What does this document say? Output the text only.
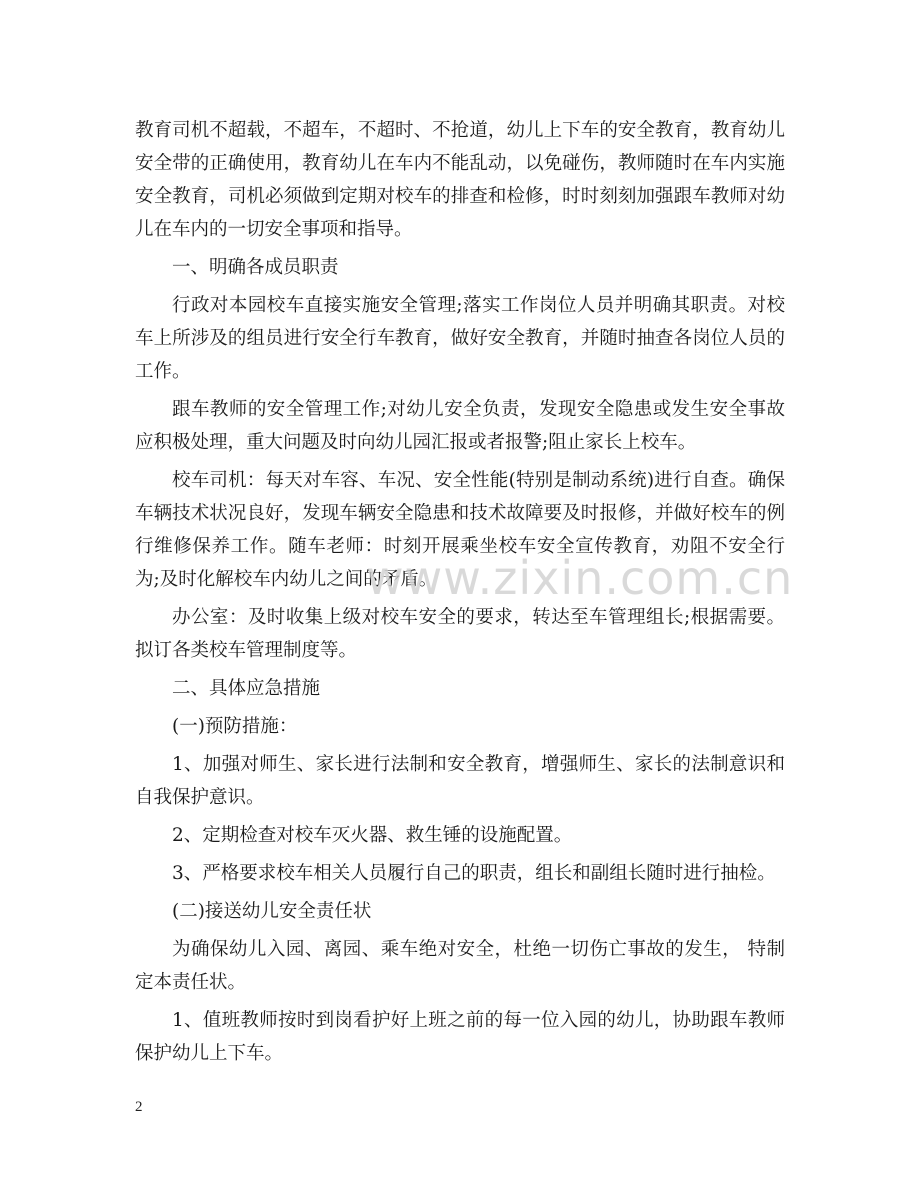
教育司机不超载，不超车，不超时、不抢道，幼儿上下车的安全教育，教育幼儿安全带的正确使用，教育幼儿在车内不能乱动，以免碰伤，教师随时在车内实施安全教育，司机必须做到定期对校车的排查和检修，时时刻刻加强跟车教师对幼儿在车内的一切安全事项和指导。

一、明确各成员职责

行政对本园校车直接实施安全管理;落实工作岗位人员并明确其职责。对校车上所涉及的组员进行安全行车教育，做好安全教育，并随时抽查各岗位人员的工作。

跟车教师的安全管理工作;对幼儿安全负责，发现安全隐患或发生安全事故应积极处理，重大问题及时向幼儿园汇报或者报警;阻止家长上校车。

校车司机：每天对车容、车况、安全性能(特别是制动系统)进行自查。确保车辆技术状况良好，发现车辆安全隐患和技术故障要及时报修，并做好校车的例行维修保养工作。随车老师：时刻开展乘坐校车安全宣传教育，劝阻不安全行为;及时化解校车内幼儿之间的矛盾。

办公室：及时收集上级对校车安全的要求，转达至车管理组长;根据需要。拟订各类校车管理制度等。

二、具体应急措施

(一)预防措施：

1、加强对师生、家长进行法制和安全教育，增强师生、家长的法制意识和自我保护意识。

2、定期检查对校车灭火器、救生锤的设施配置。

3、严格要求校车相关人员履行自己的职责，组长和副组长随时进行抽检。

(二)接送幼儿安全责任状

为确保幼儿入园、离园、乘车绝对安全，杜绝一切伤亡事故的发生， 特制定本责任状。

1、值班教师按时到岗看护好上班之前的每一位入园的幼儿，协助跟车教师保护幼儿上下车。

www.zixin.com.cn
2
